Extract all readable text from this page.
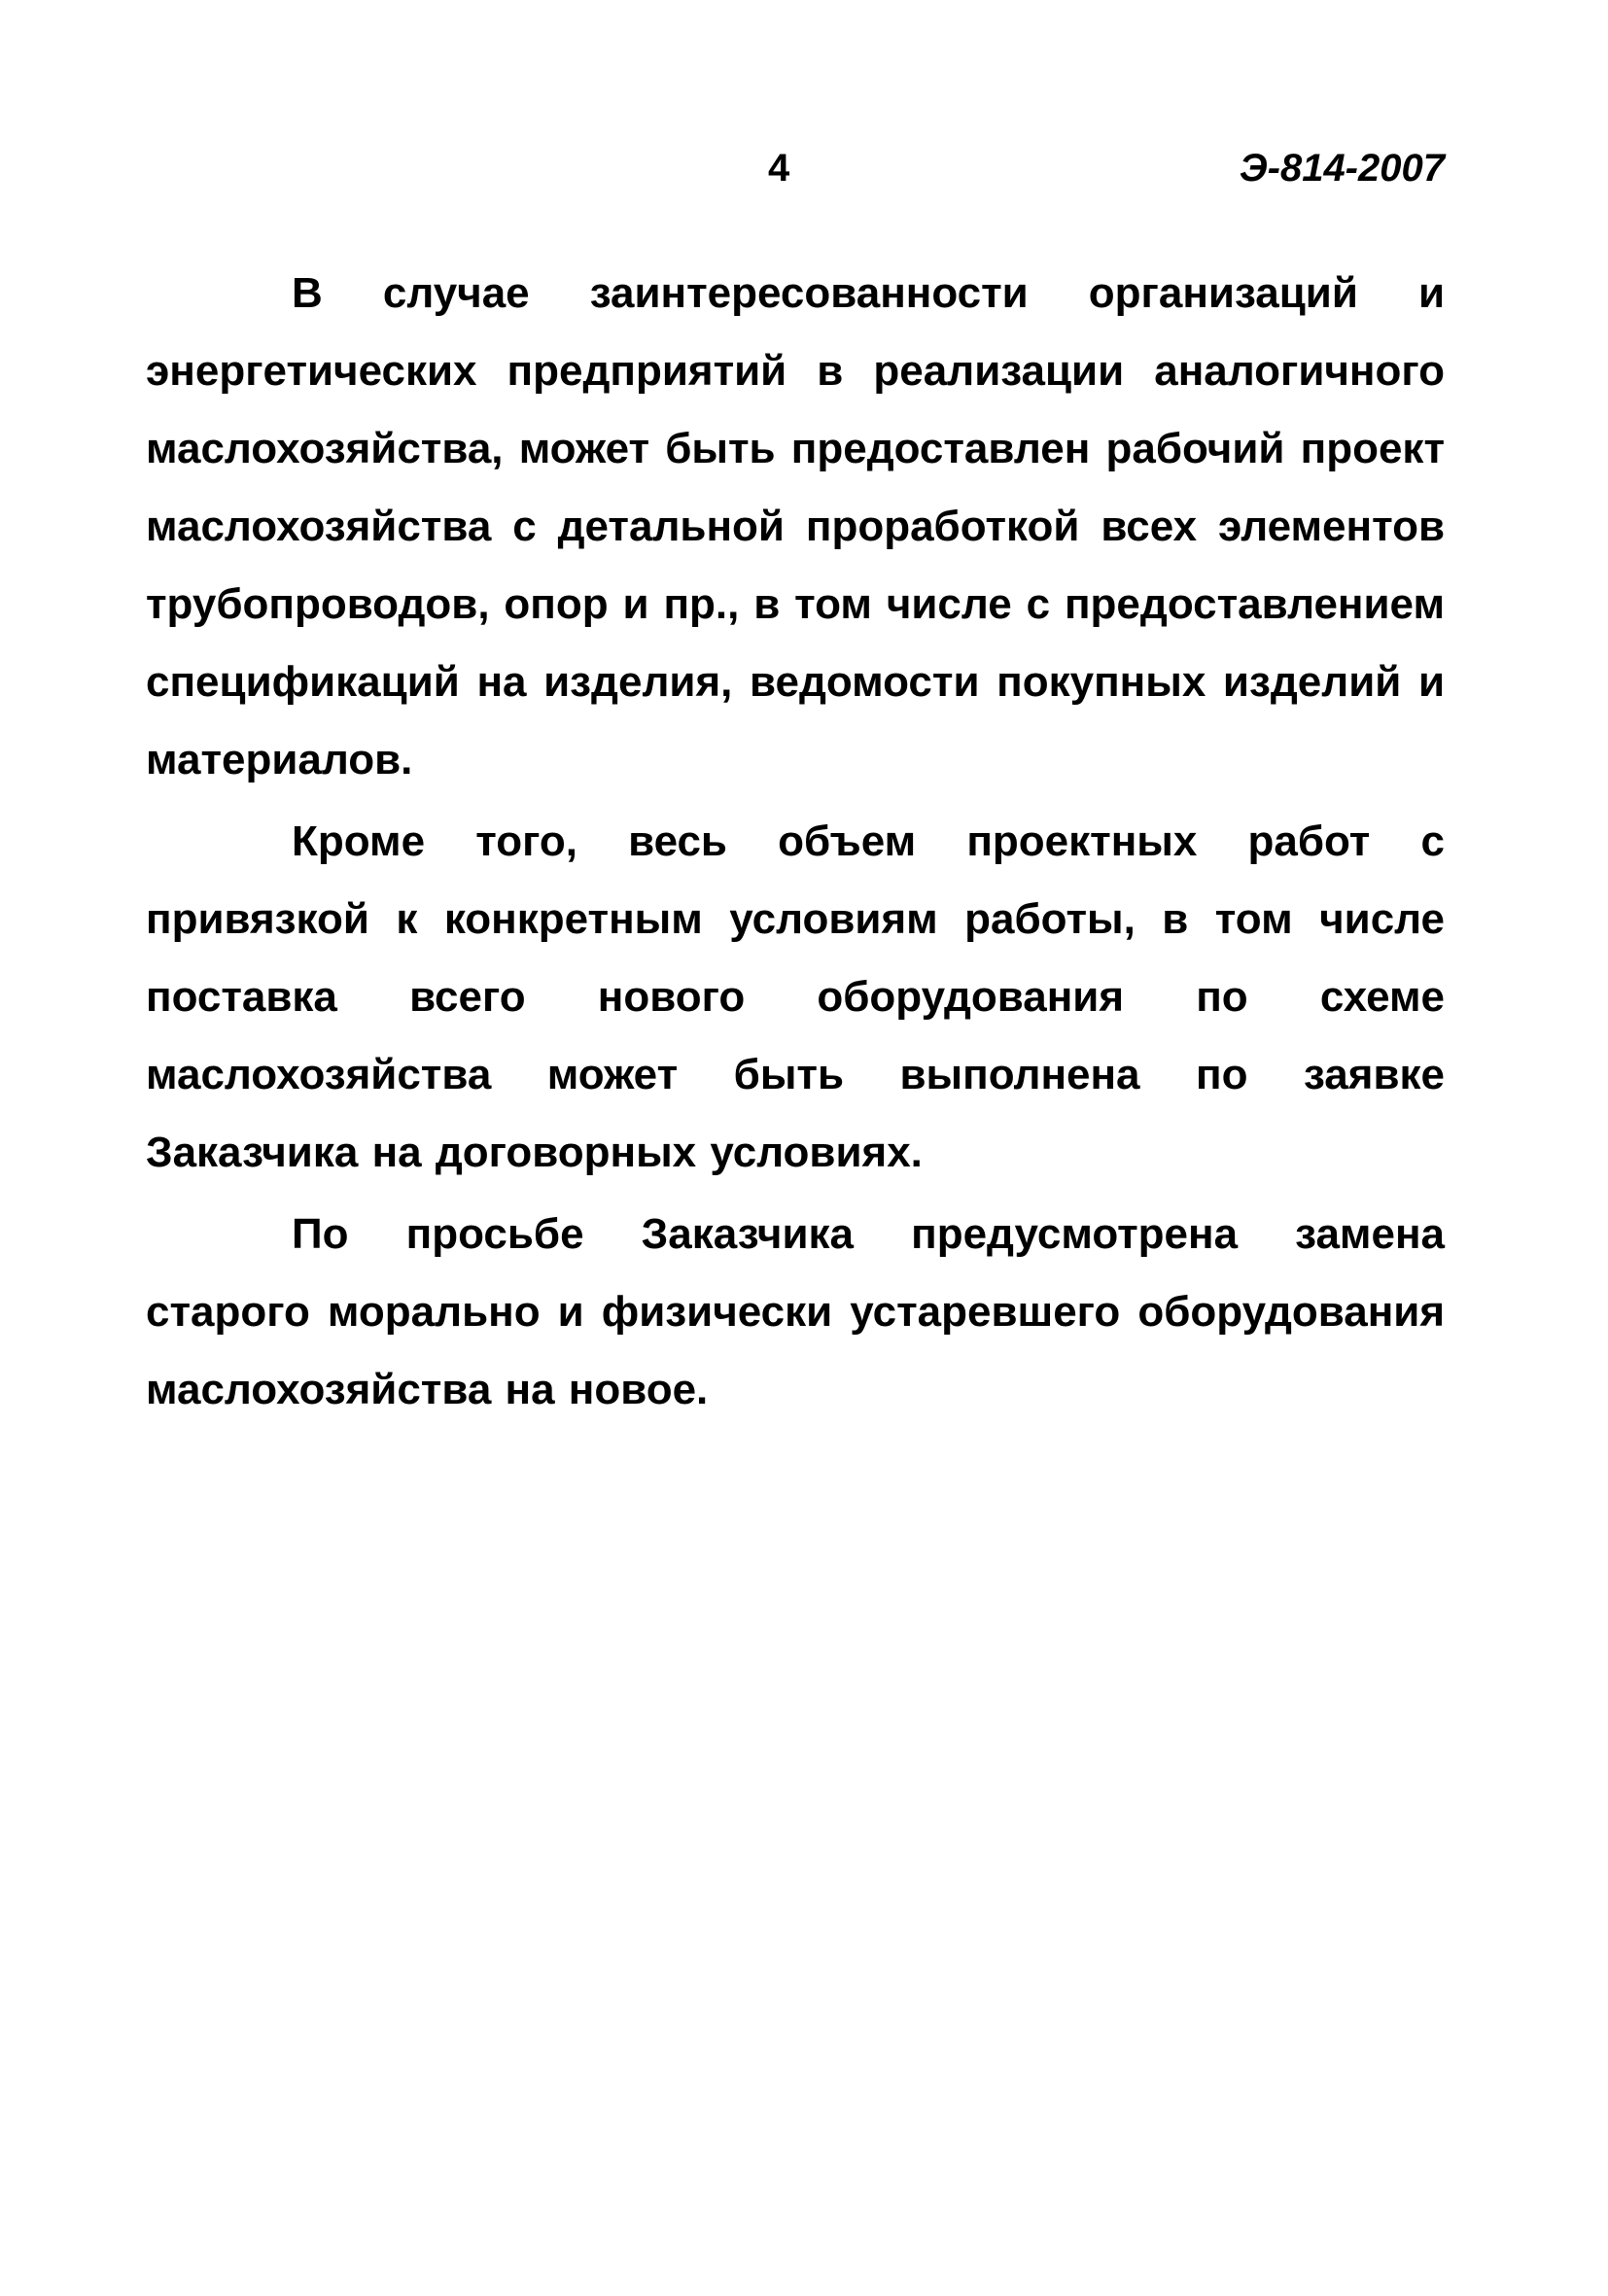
4	Э-814-2007

В случае заинтересованности организаций и энергетических предприятий в реализации аналогичного маслохозяйства, может быть предоставлен рабочий проект маслохозяйства с детальной проработкой всех элементов трубопроводов, опор и пр., в том числе с предоставлением спецификаций на изделия, ведомости покупных изделий и материалов.

Кроме того, весь объем проектных работ с привязкой к конкретным условиям работы, в том числе поставка всего нового оборудования по схеме маслохозяйства может быть выполнена по заявке Заказчика на договорных условиях.

По просьбе Заказчика предусмотрена замена старого морально и физически устаревшего оборудования маслохозяйства на новое.
